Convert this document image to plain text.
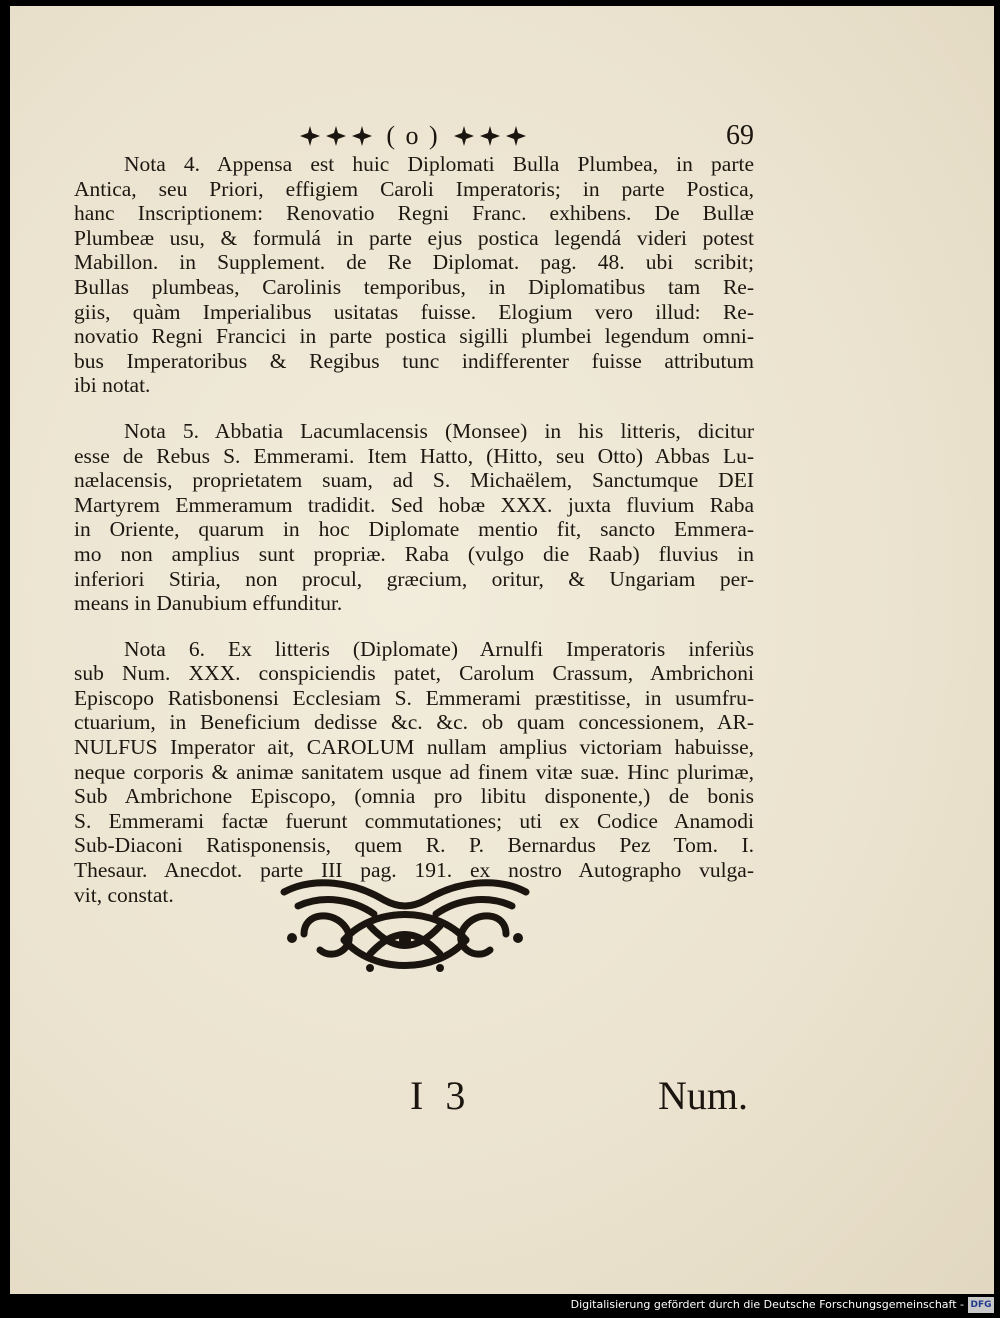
( o )	69
Nota 4. Appensa est huic Diplomati Bulla Plumbea, in parte
Antica, seu Priori, effigiem Caroli Imperatoris; in parte Postica,
hanc Inscriptionem: Renovatio Regni Franc. exhibens. De Bullæ
Plumbeæ usu, & formulá in parte ejus postica legendá videri potest
Mabillon. in Supplement. de Re Diplomat. pag. 48. ubi scribit;
Bullas plumbeas, Carolinis temporibus, in Diplomatibus tam Re-
giis, quàm Imperialibus usitatas fuisse. Elogium vero illud: Re-
novatio Regni Francici in parte postica sigilli plumbei legendum omni-
bus Imperatoribus & Regibus tunc indifferenter fuisse attributum
ibi notat.
Nota 5. Abbatia Lacumlacensis (Monsee) in his litteris, dicitur
esse de Rebus S. Emmerami. Item Hatto, (Hitto, seu Otto) Abbas Lu-
nælacensis, proprietatem suam, ad S. Michaëlem, Sanctumque DEI
Martyrem Emmeramum tradidit. Sed hobæ XXX. juxta fluvium Raba
in Oriente, quarum in hoc Diplomate mentio fit, sancto Emmera-
mo non amplius sunt propriæ. Raba (vulgo die Raab) fluvius in
inferiori Stiria, non procul, græcium, oritur, & Ungariam per-
means in Danubium effunditur.
Nota 6. Ex litteris (Diplomate) Arnulfi Imperatoris inferiùs
sub Num. XXX. conspiciendis patet, Carolum Crassum, Ambrichoni
Episcopo Ratisbonensi Ecclesiam S. Emmerami præstitisse, in usumfru-
ctuarium, in Beneficium dedisse &c. &c. ob quam concessionem, AR-
NULFUS Imperator ait, CAROLUM nullam amplius victoriam habuisse,
neque corporis & animæ sanitatem usque ad finem vitæ suæ. Hinc plurimæ,
Sub Ambrichone Episcopo, (omnia pro libitu disponente,) de bonis
S. Emmerami factæ fuerunt commutationes; uti ex Codice Anamodi
Sub-Diaconi Ratisponensis, quem R. P. Bernardus Pez Tom. I.
Thesaur. Anecdot. parte III pag. 191. ex nostro Autographo vulga-
vit, constat.
I 3	Num.
Digitalisierung gefördert durch die Deutsche Forschungsgemeinschaft - DFG
